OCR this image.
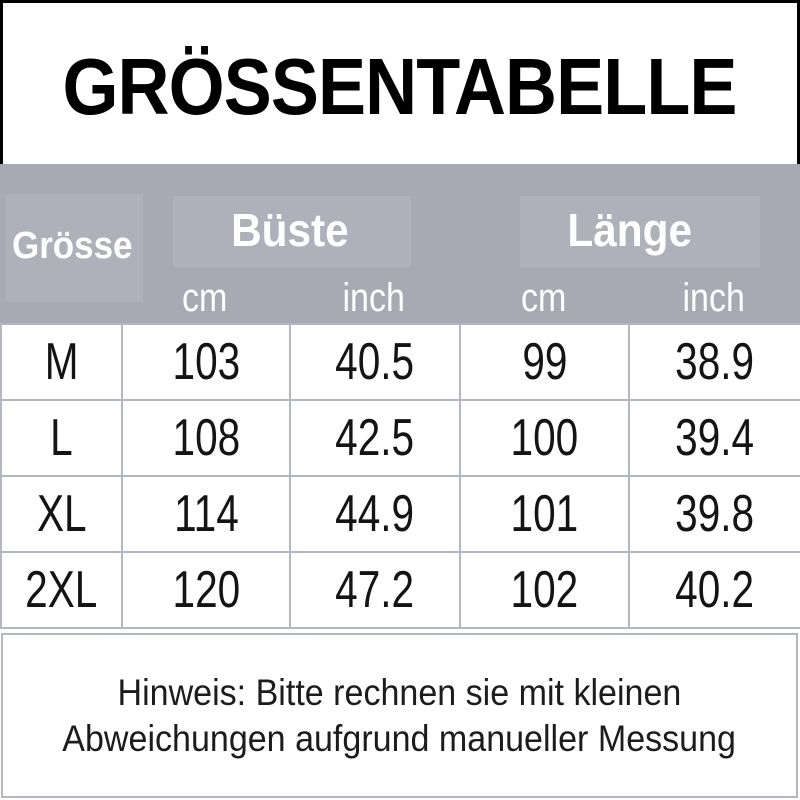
GRÖSSENTABELLE
Grösse	Büste	Länge
cm	inch	cm	inch
M	103	40.5	99	38.9
L	108	42.5	100	39.4
XL	114	44.9	101	39.8
2XL	120	47.2	102	40.2
Hinweis: Bitte rechnen sie mit kleinen
Abweichungen aufgrund manueller Messung
